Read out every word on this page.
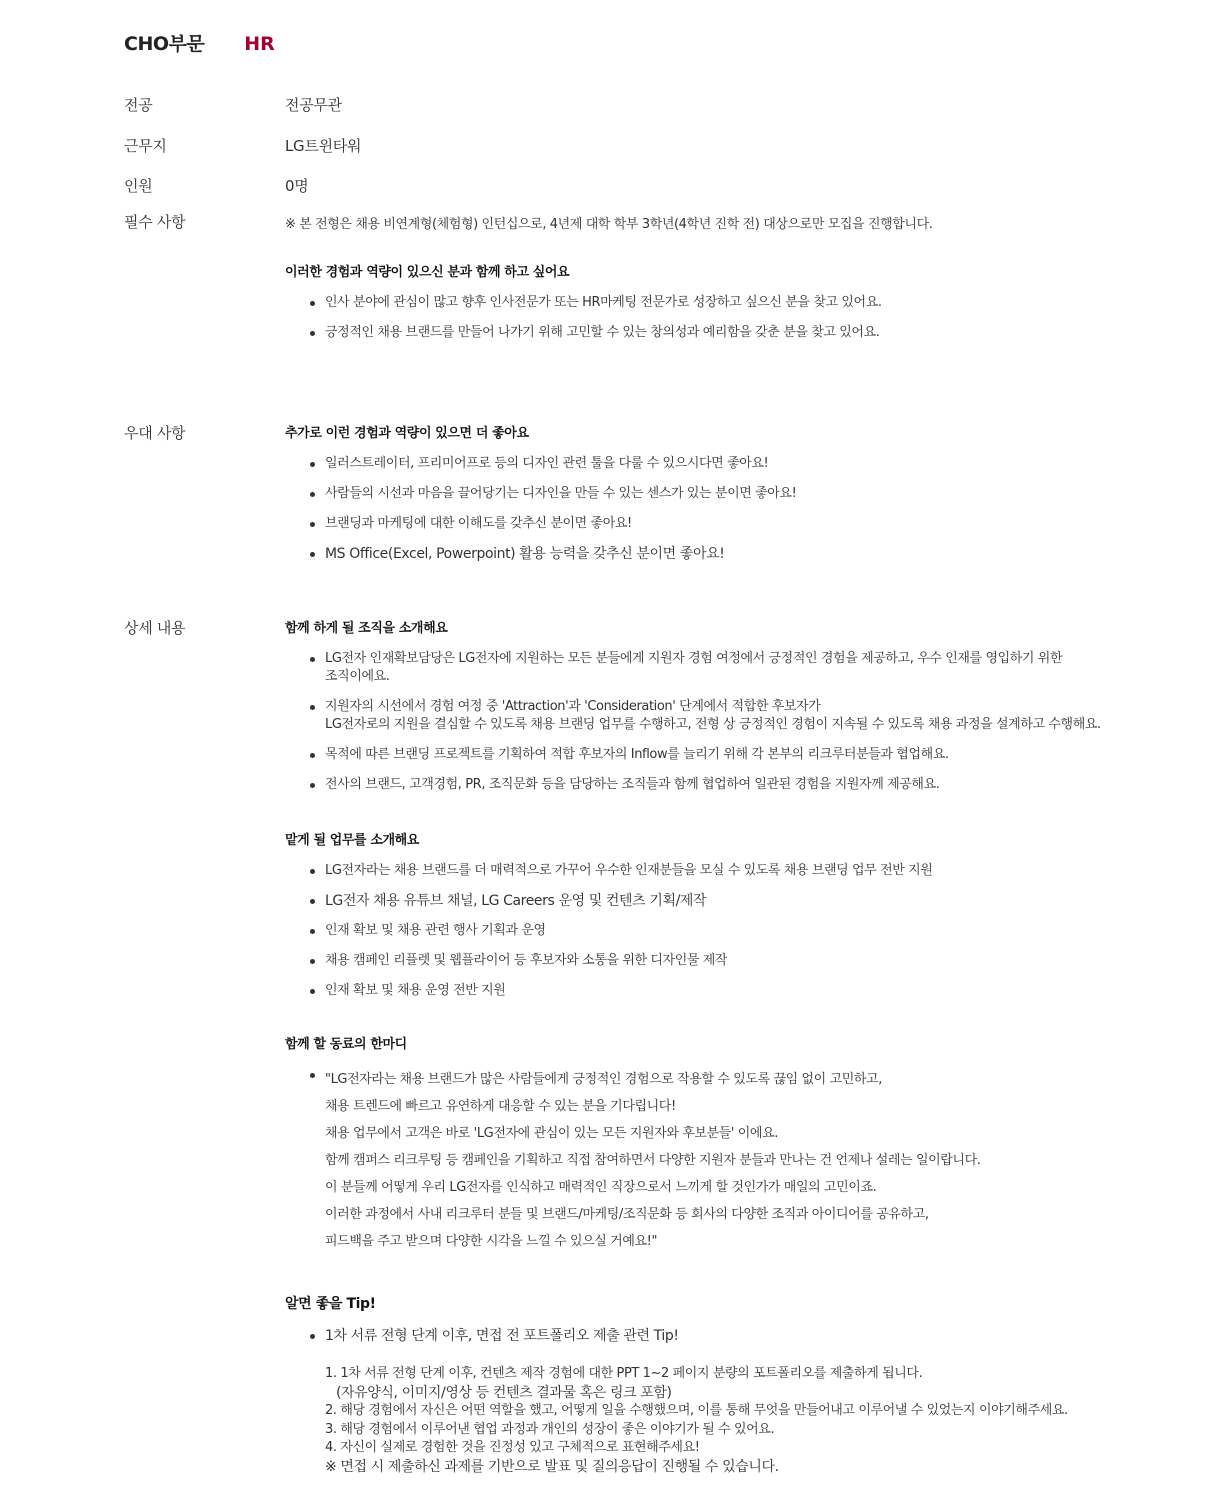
CHO부문 HR
전공	전공무관
근무지	LG트윈타워
인원	0명
필수 사항	※ 본 전형은 채용 비연계형(체험형) 인턴십으로, 4년제 대학 학부 3학년(4학년 진학 전) 대상으로만 모집을 진행합니다.

이러한 경험과 역량이 있으신 분과 함께 하고 싶어요

인사 분야에 관심이 많고 향후 인사전문가 또는 HR마케팅 전문가로 성장하고 싶으신 분을 찾고 있어요.
긍정적인 채용 브랜드를 만들어 나가기 위해 고민할 수 있는 창의성과 예리함을 갖춘 분을 찾고 있어요.
우대 사항	추가로 이런 경험과 역량이 있으면 더 좋아요

일러스트레이터, 프리미어프로 등의 디자인 관련 툴을 다룰 수 있으시다면 좋아요!
사람들의 시선과 마음을 끌어당기는 디자인을 만들 수 있는 센스가 있는 분이면 좋아요!
브랜딩과 마케팅에 대한 이해도를 갖추신 분이면 좋아요!
MS Office(Excel, Powerpoint) 활용 능력을 갖추신 분이면 좋아요!
상세 내용	함께 하게 될 조직을 소개해요

LG전자 인재확보담당은 LG전자에 지원하는 모든 분들에게 지원자 경험 여정에서 긍정적인 경험을 제공하고, 우수 인재를 영입하기 위한
조직이에요.
지원자의 시선에서 경험 여정 중 'Attraction'과 'Consideration' 단계에서 적합한 후보자가
LG전자로의 지원을 결심할 수 있도록 채용 브랜딩 업무를 수행하고, 전형 상 긍정적인 경험이 지속될 수 있도록 채용 과정을 설계하고 수행해요.
목적에 따른 브랜딩 프로젝트를 기획하여 적합 후보자의 Inflow를 늘리기 위해 각 본부의 리크루터분들과 협업해요.
전사의 브랜드, 고객경험, PR, 조직문화 등을 담당하는 조직들과 함께 협업하여 일관된 경험을 지원자께 제공해요.

맡게 될 업무를 소개해요

LG전자라는 채용 브랜드를 더 매력적으로 가꾸어 우수한 인재분들을 모실 수 있도록 채용 브랜딩 업무 전반 지원
LG전자 채용 유튜브 채널, LG Careers 운영 및 컨텐츠 기획/제작
인재 확보 및 채용 관련 행사 기획과 운영
채용 캠페인 리플렛 및 웹플라이어 등 후보자와 소통을 위한 디자인물 제작
인재 확보 및 채용 운영 전반 지원

함께 할 동료의 한마디

"LG전자라는 채용 브랜드가 많은 사람들에게 긍정적인 경험으로 작용할 수 있도록 끊임 없이 고민하고,
채용 트렌드에 빠르고 유연하게 대응할 수 있는 분을 기다립니다!
채용 업무에서 고객은 바로 'LG전자에 관심이 있는 모든 지원자와 후보분들' 이에요.
함께 캠퍼스 리크루팅 등 캠페인을 기획하고 직접 참여하면서 다양한 지원자 분들과 만나는 건 언제나 설레는 일이랍니다.
이 분들께 어떻게 우리 LG전자를 인식하고 매력적인 직장으로서 느끼게 할 것인가가 매일의 고민이죠.
이러한 과정에서 사내 리크루터 분들 및 브랜드/마케팅/조직문화 등 회사의 다양한 조직과 아이디어를 공유하고,
피드백을 주고 받으며 다양한 시각을 느낄 수 있으실 거예요!"

알면 좋을 Tip!

1차 서류 전형 단계 이후, 면접 전 포트폴리오 제출 관련 Tip!
1. 1차 서류 전형 단계 이후, 컨텐츠 제작 경험에 대한 PPT 1~2 페이지 분량의 포트폴리오를 제출하게 됩니다.
(자유양식, 이미지/영상 등 컨텐츠 결과물 혹은 링크 포함)
2. 해당 경험에서 자신은 어떤 역할을 했고, 어떻게 일을 수행했으며, 이를 통해 무엇을 만들어내고 이루어낼 수 있었는지 이야기해주세요.
3. 해당 경험에서 이루어낸 협업 과정과 개인의 성장이 좋은 이야기가 될 수 있어요.
4. 자신이 실제로 경험한 것을 진정성 있고 구체적으로 표현해주세요!
※ 면접 시 제출하신 과제를 기반으로 발표 및 질의응답이 진행될 수 있습니다.
